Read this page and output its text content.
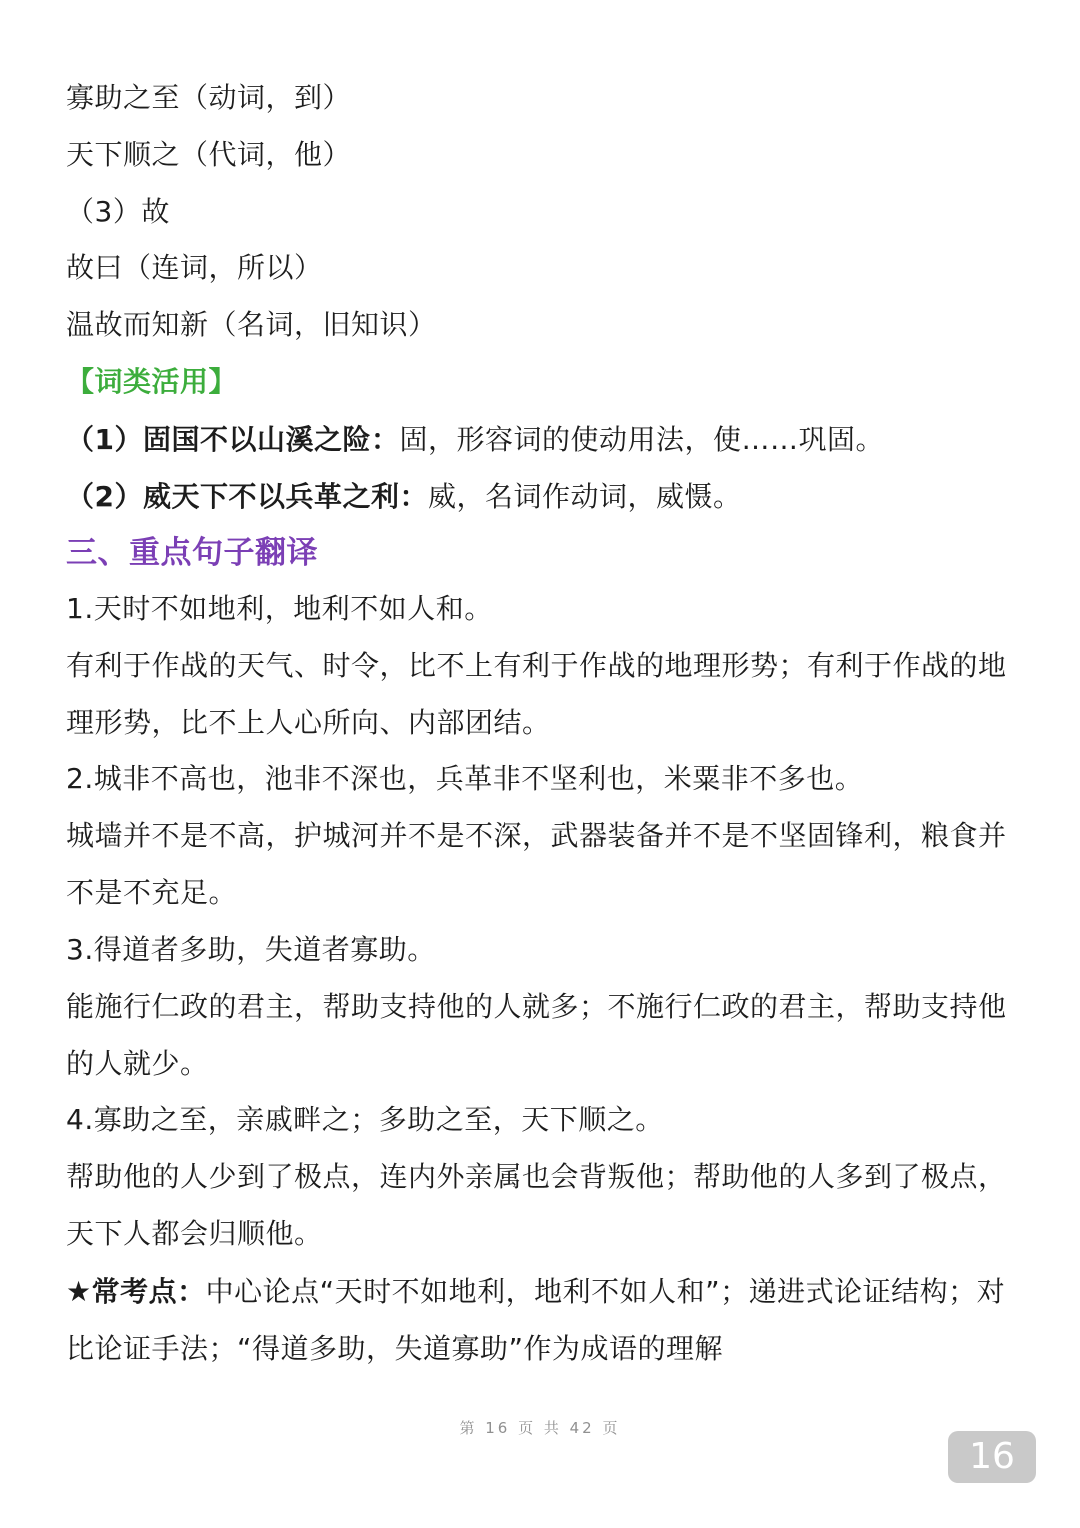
寡助之至（动词，到）
天下顺之（代词，他）
（3）故
故曰（连词，所以）
温故而知新（名词，旧知识）
【词类活用】
（1）固国不以山溪之险：固，形容词的使动用法，使……巩固。
（2）威天下不以兵革之利：威，名词作动词，威慑。
三、重点句子翻译
1.天时不如地利，地利不如人和。
有利于作战的天气、时令，比不上有利于作战的地理形势；有利于作战的地理形势，比不上人心所向、内部团结。
2.城非不高也，池非不深也，兵革非不坚利也，米粟非不多也。
城墙并不是不高，护城河并不是不深，武器装备并不是不坚固锋利，粮食并不是不充足。
3.得道者多助，失道者寡助。
能施行仁政的君主，帮助支持他的人就多；不施行仁政的君主，帮助支持他的人就少。
4.寡助之至，亲戚畔之；多助之至，天下顺之。
帮助他的人少到了极点，连内外亲属也会背叛他；帮助他的人多到了极点，天下人都会归顺他。
★常考点：中心论点“天时不如地利，地利不如人和”；递进式论证结构；对比论证手法；“得道多助，失道寡助”作为成语的理解
第 16 页 共 42 页
16
